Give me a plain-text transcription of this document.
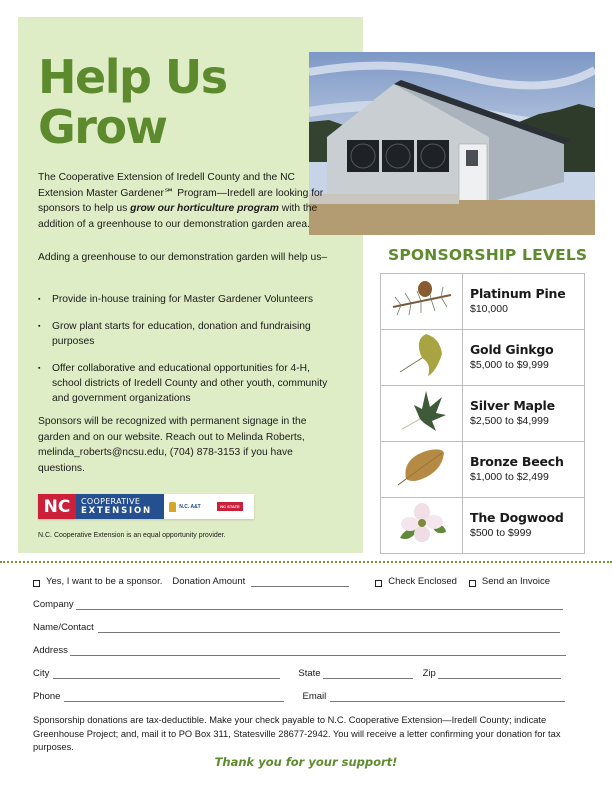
Help Us
Grow

The Cooperative Extension of Iredell County and the NC Extension Master Gardener℠ Program—Iredell are looking for sponsors to help us grow our horticulture program with the addition of a greenhouse to our demonstration garden area.

Adding a greenhouse to our demonstration garden will help us–

▪ Provide in-house training for Master Gardener Volunteers
▪ Grow plant starts for education, donation and fundraising purposes
▪ Offer collaborative and educational opportunities for 4-H, school districts of Iredell County and other youth, community and government organizations

Sponsors will be recognized with permanent signage in the garden and on our website. Reach out to Melinda Roberts, melinda_roberts@ncsu.edu, (704) 878-3153 if you have questions.

NC	COOPERATIVE
EXTENSION	N.C. A&T	NC STATE
N.C. Cooperative Extension is an equal opportunity provider.
SPONSORSHIP LEVELS

Platinum Pine
$10,000

Gold Ginkgo
$5,000 to $9,999

Silver Maple
$2,500 to $4,999

Bronze Beech
$1,000 to $2,499

The Dogwood
$500 to $999
Yes, I want to be a sponsor. Donation Amount	Check Enclosed	Send an Invoice
Company
Name/Contact
Address
City	State	Zip
Phone	Email

Sponsorship donations are tax-deductible. Make your check payable to N.C. Cooperative Extension—Iredell County; indicate Greenhouse Project; and, mail it to PO Box 311, Statesville 28677-2942. You will receive a letter confirming your donation for tax purposes.

Thank you for your support!
